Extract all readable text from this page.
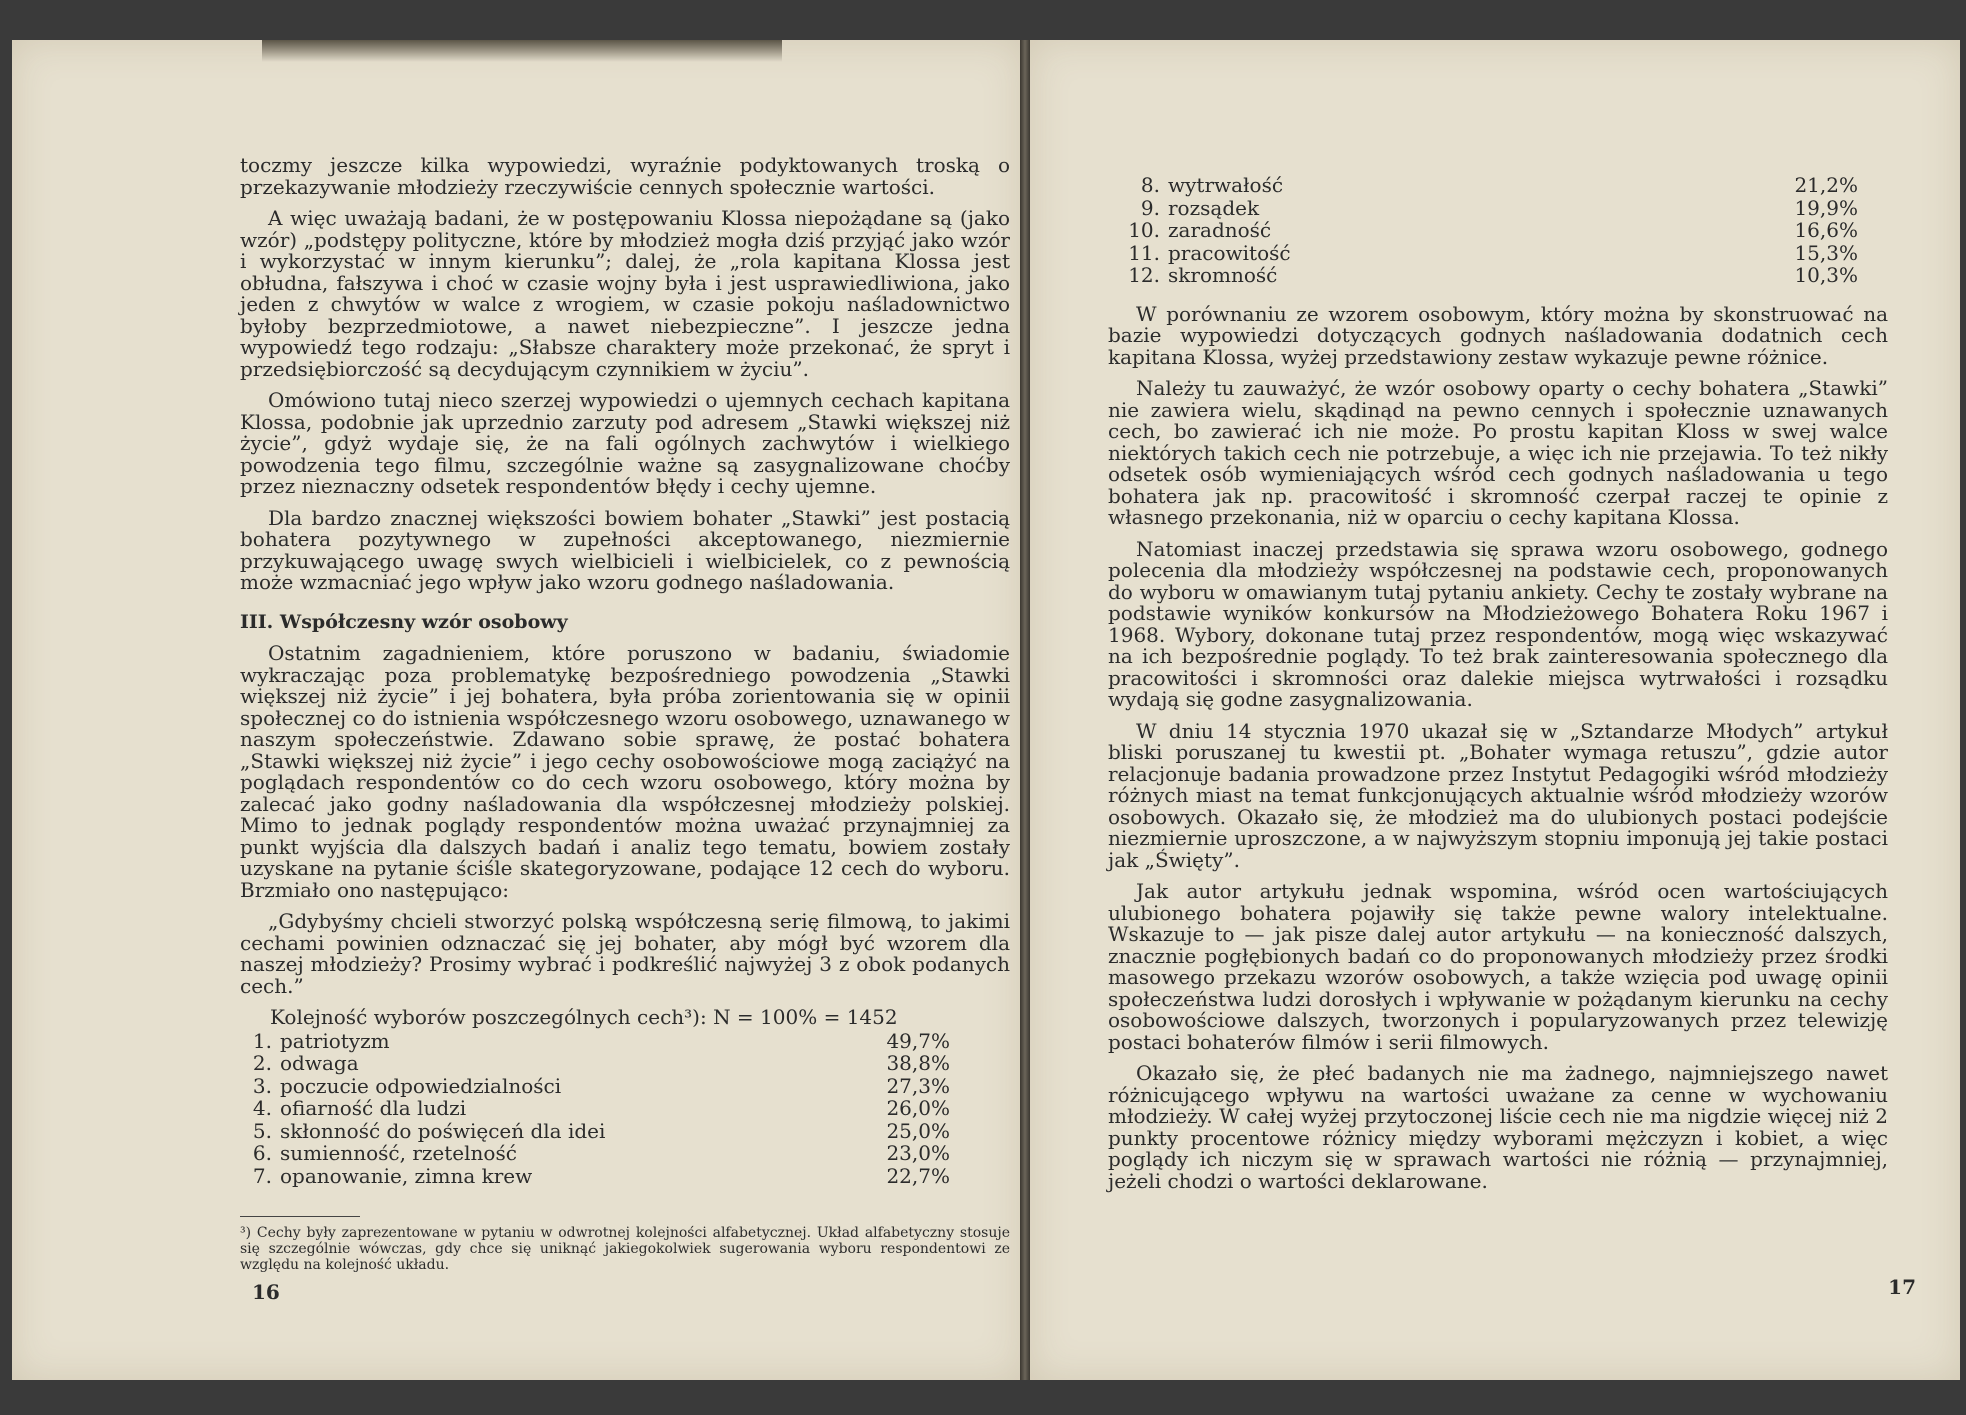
toczmy jeszcze kilka wypowiedzi, wyraźnie podyktowanych troską o przekazywanie młodzieży rzeczywiście cennych społecznie wartości.

A więc uważają badani, że w postępowaniu Klossa niepożądane są (jako wzór) „podstępy polityczne, które by młodzież mogła dziś przyjąć jako wzór i wykorzystać w innym kierunku”; dalej, że „rola kapitana Klossa jest obłudna, fałszywa i choć w czasie wojny była i jest usprawiedliwiona, jako jeden z chwytów w walce z wrogiem, w czasie pokoju naśladownictwo byłoby bezprzedmiotowe, a nawet niebezpieczne”. I jeszcze jedna wypowiedź tego rodzaju: „Słabsze charaktery może przekonać, że spryt i przedsiębiorczość są decydującym czynnikiem w życiu”.

Omówiono tutaj nieco szerzej wypowiedzi o ujemnych cechach kapitana Klossa, podobnie jak uprzednio zarzuty pod adresem „Stawki większej niż życie”, gdyż wydaje się, że na fali ogólnych zachwytów i wielkiego powodzenia tego filmu, szczególnie ważne są zasygnalizowane choćby przez nieznaczny odsetek respondentów błędy i cechy ujemne.

Dla bardzo znacznej większości bowiem bohater „Stawki” jest postacią bohatera pozytywnego w zupełności akceptowanego, niezmiernie przykuwającego uwagę swych wielbicieli i wielbicielek, co z pewnością może wzmacniać jego wpływ jako wzoru godnego naśladowania.

III. Współczesny wzór osobowy

Ostatnim zagadnieniem, które poruszono w badaniu, świadomie wykraczając poza problematykę bezpośredniego powodzenia „Stawki większej niż życie” i jej bohatera, była próba zorientowania się w opinii społecznej co do istnienia współczesnego wzoru osobowego, uznawanego w naszym społeczeństwie. Zdawano sobie sprawę, że postać bohatera „Stawki większej niż życie” i jego cechy osobowościowe mogą zaciążyć na poglądach respondentów co do cech wzoru osobowego, który można by zalecać jako godny naśladowania dla współczesnej młodzieży polskiej. Mimo to jednak poglądy respondentów można uważać przynajmniej za punkt wyjścia dla dalszych badań i analiz tego tematu, bowiem zostały uzyskane na pytanie ściśle skategoryzowane, podające 12 cech do wyboru. Brzmiało ono następująco:

„Gdybyśmy chcieli stworzyć polską współczesną serię filmową, to jakimi cechami powinien odznaczać się jej bohater, aby mógł być wzorem dla naszej młodzieży? Prosimy wybrać i podkreślić najwyżej 3 z obok podanych cech.”

Kolejność wyborów poszczególnych cech³): N = 100% = 1452

1.	patriotyzm	49,7%
2.	odwaga	38,8%
3.	poczucie odpowiedzialności	27,3%
4.	ofiarność dla ludzi	26,0%
5.	skłonność do poświęceń dla idei	25,0%
6.	sumienność, rzetelność	23,0%
7.	opanowanie, zimna krew	22,7%
³) Cechy były zaprezentowane w pytaniu w odwrotnej kolejności alfabetycznej. Układ alfabetyczny stosuje się szczególnie wówczas, gdy chce się uniknąć jakiegokolwiek sugerowania wyboru respondentowi ze względu na kolejność układu.
16
8.	wytrwałość	21,2%
9.	rozsądek	19,9%
10.	zaradność	16,6%
11.	pracowitość	15,3%
12.	skromność	10,3%

W porównaniu ze wzorem osobowym, który można by skonstruować na bazie wypowiedzi dotyczących godnych naśladowania dodatnich cech kapitana Klossa, wyżej przedstawiony zestaw wykazuje pewne różnice.

Należy tu zauważyć, że wzór osobowy oparty o cechy bohatera „Stawki” nie zawiera wielu, skądinąd na pewno cennych i społecznie uznawanych cech, bo zawierać ich nie może. Po prostu kapitan Kloss w swej walce niektórych takich cech nie potrzebuje, a więc ich nie przejawia. To też nikły odsetek osób wymieniających wśród cech godnych naśladowania u tego bohatera jak np. pracowitość i skromność czerpał raczej te opinie z własnego przekonania, niż w oparciu o cechy kapitana Klossa.

Natomiast inaczej przedstawia się sprawa wzoru osobowego, godnego polecenia dla młodzieży współczesnej na podstawie cech, proponowanych do wyboru w omawianym tutaj pytaniu ankiety. Cechy te zostały wybrane na podstawie wyników konkursów na Młodzieżowego Bohatera Roku 1967 i 1968. Wybory, dokonane tutaj przez respondentów, mogą więc wskazywać na ich bezpośrednie poglądy. To też brak zainteresowania społecznego dla pracowitości i skromności oraz dalekie miejsca wytrwałości i rozsądku wydają się godne zasygnalizowania.

W dniu 14 stycznia 1970 ukazał się w „Sztandarze Młodych” artykuł bliski poruszanej tu kwestii pt. „Bohater wymaga retuszu”, gdzie autor relacjonuje badania prowadzone przez Instytut Pedagogiki wśród młodzieży różnych miast na temat funkcjonujących aktualnie wśród młodzieży wzorów osobowych. Okazało się, że młodzież ma do ulubionych postaci podejście niezmiernie uproszczone, a w najwyższym stopniu imponują jej takie postaci jak „Święty”.

Jak autor artykułu jednak wspomina, wśród ocen wartościujących ulubionego bohatera pojawiły się także pewne walory intelektualne. Wskazuje to — jak pisze dalej autor artykułu — na konieczność dalszych, znacznie pogłębionych badań co do proponowanych młodzieży przez środki masowego przekazu wzorów osobowych, a także wzięcia pod uwagę opinii społeczeństwa ludzi dorosłych i wpływanie w pożądanym kierunku na cechy osobowościowe dalszych, tworzonych i popularyzowanych przez telewizję postaci bohaterów filmów i serii filmowych.

Okazało się, że płeć badanych nie ma żadnego, najmniejszego nawet różnicującego wpływu na wartości uważane za cenne w wychowaniu młodzieży. W całej wyżej przytoczonej liście cech nie ma nigdzie więcej niż 2 punkty procentowe różnicy między wyborami mężczyzn i kobiet, a więc poglądy ich niczym się w sprawach wartości nie różnią — przynajmniej, jeżeli chodzi o wartości deklarowane.

17
